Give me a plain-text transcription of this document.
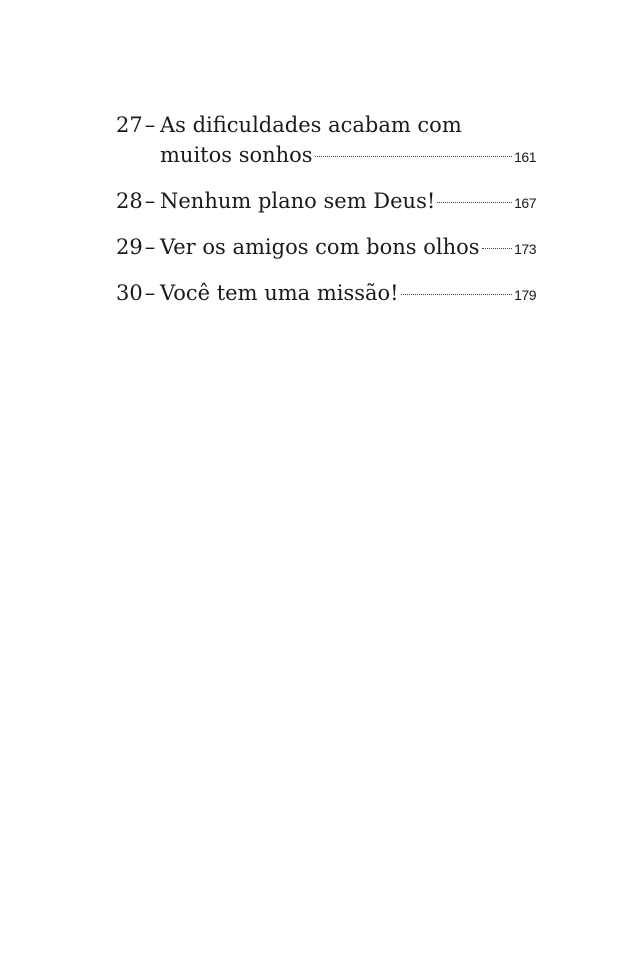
27 – As dificuldades acabam com
muitos sonhos	161
28 – Nenhum plano sem Deus!	167
29 – Ver os amigos com bons olhos 173
30 – Você tem uma missão!	179
